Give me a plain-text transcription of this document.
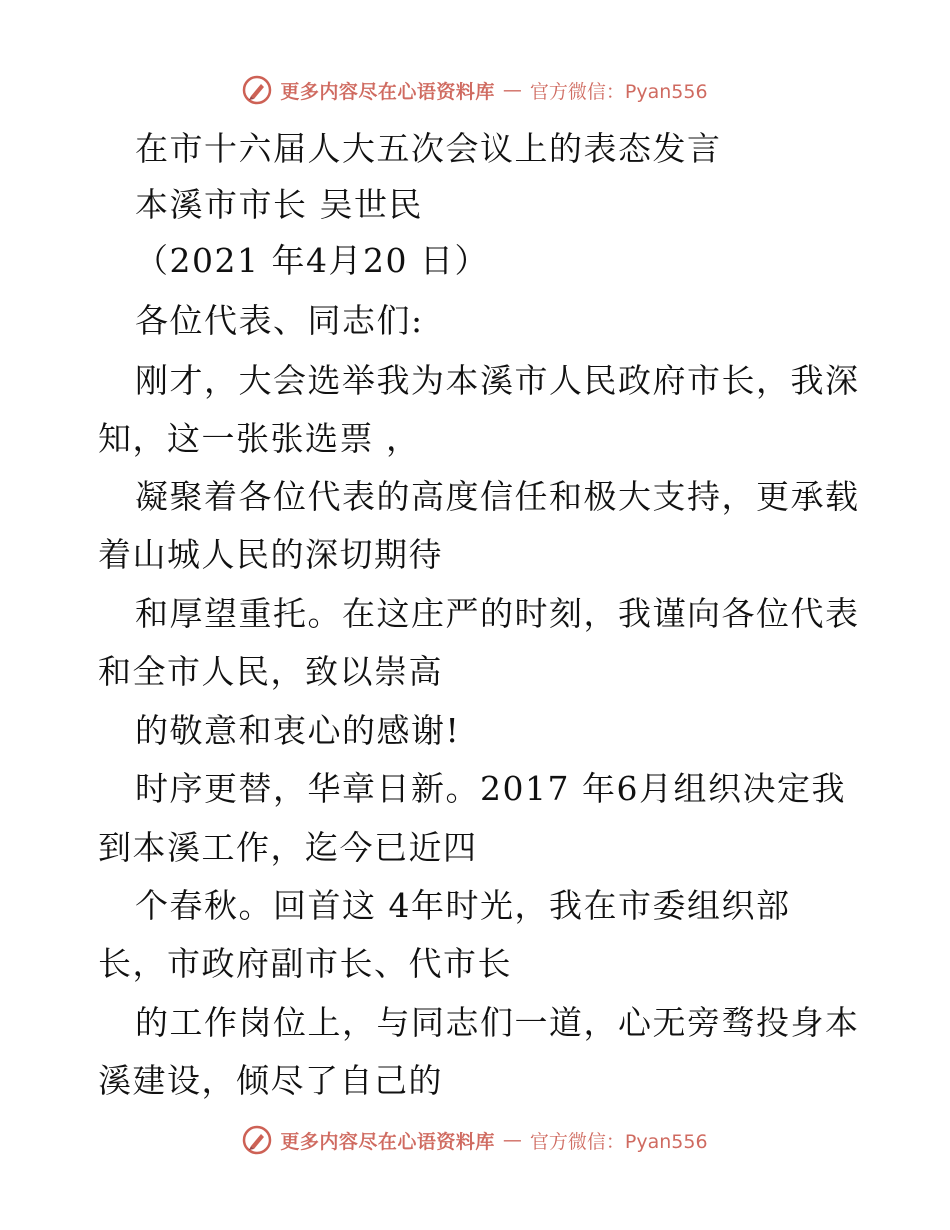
更多内容尽在心语资料库 — 官方微信：Pyan556
在市十六届人大五次会议上的表态发言
本溪市市长 吴世民
（2021 年4月20 日）
各位代表、同志们:
刚才，大会选举我为本溪市人民政府市长，我深
知，这一张张选票 ，
凝聚着各位代表的高度信任和极大支持，更承载
着山城人民的深切期待
和厚望重托。在这庄严的时刻，我谨向各位代表
和全市人民，致以崇高
的敬意和衷心的感谢!
时序更替，华章日新。2017 年6月组织决定我
到本溪工作，迄今已近四
个春秋。回首这 4年时光，我在市委组织部
长，市政府副市长、代市长
的工作岗位上，与同志们一道，心无旁骛投身本
溪建设，倾尽了自己的
更多内容尽在心语资料库 — 官方微信：Pyan556
